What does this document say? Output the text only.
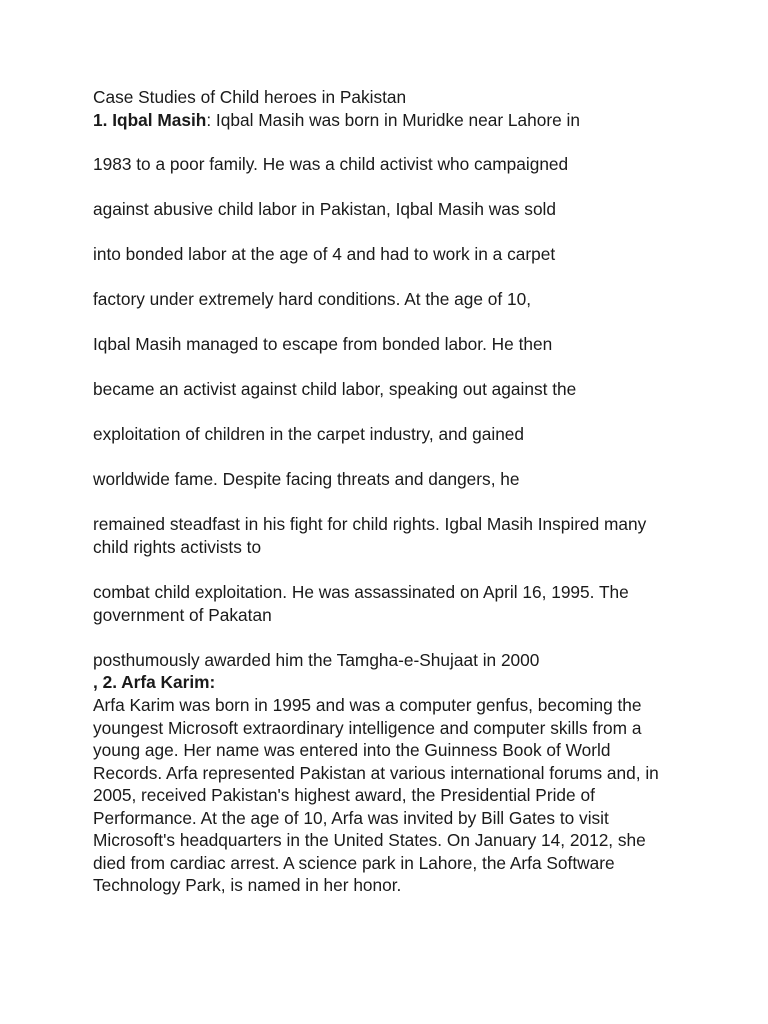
Case Studies of Child heroes in Pakistan
1. Iqbal Masih: Iqbal Masih was born in Muridke near Lahore in
1983 to a poor family. He was a child activist who campaigned
against abusive child labor in Pakistan, Iqbal Masih was sold
into bonded labor at the age of 4 and had to work in a carpet
factory under extremely hard conditions. At the age of 10,
Iqbal Masih managed to escape from bonded labor. He then
became an activist against child labor, speaking out against the
exploitation of children in the carpet industry, and gained
worldwide fame. Despite facing threats and dangers, he
remained steadfast in his fight for child rights. Igbal Masih Inspired many child rights activists to
combat child exploitation. He was assassinated on April 16, 1995. The government of Pakatan
posthumously awarded him the Tamgha-e-Shujaat in 2000
, 2. Arfa Karim:
Arfa Karim was born in 1995 and was a computer genfus, becoming the youngest Microsoft extraordinary intelligence and computer skills from a young age. Her name was entered into the Guinness Book of World Records. Arfa represented Pakistan at various international forums and, in 2005, received Pakistan's highest award, the Presidential Pride of Performance. At the age of 10, Arfa was invited by Bill Gates to visit Microsoft's headquarters in the United States. On January 14, 2012, she died from cardiac arrest. A science park in Lahore, the Arfa Software Technology Park, is named in her honor.
